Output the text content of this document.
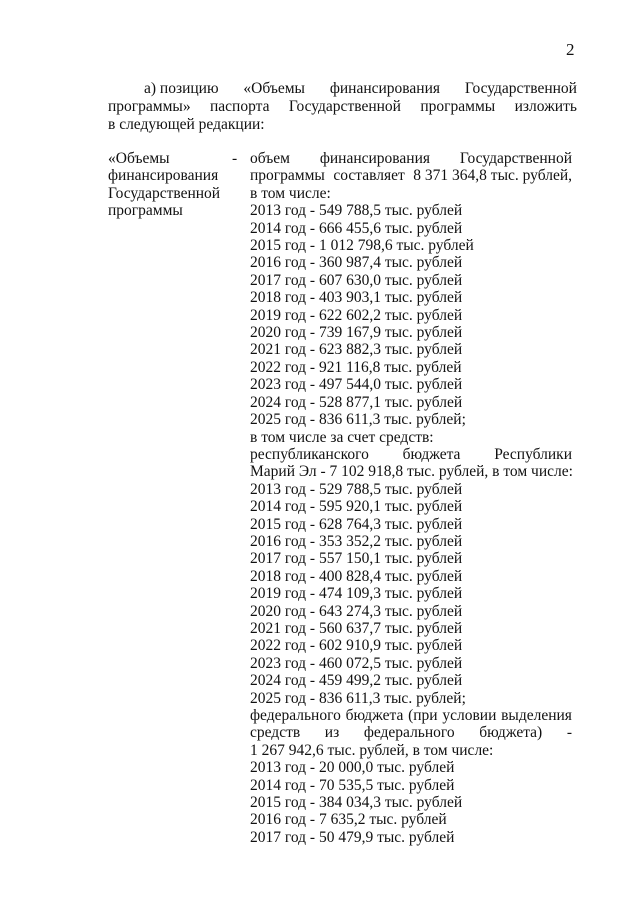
2
а) позицию «Объемы финансирования Государственной
программы» паспорта Государственной программы изложить
в следующей редакции:
«Объемы
финансирования
Государственной
программы
- объем финансирования Государственной
программы составляет 8 371 364,8 тыс. рублей,
в том числе:
2013 год - 549 788,5 тыс. рублей
2014 год - 666 455,6 тыс. рублей
2015 год - 1 012 798,6 тыс. рублей
2016 год - 360 987,4 тыс. рублей
2017 год - 607 630,0 тыс. рублей
2018 год - 403 903,1 тыс. рублей
2019 год - 622 602,2 тыс. рублей
2020 год - 739 167,9 тыс. рублей
2021 год - 623 882,3 тыс. рублей
2022 год - 921 116,8 тыс. рублей
2023 год - 497 544,0 тыс. рублей
2024 год - 528 877,1 тыс. рублей
2025 год - 836 611,3 тыс. рублей;
в том числе за счет средств:
республиканского бюджета Республики
Марий Эл - 7 102 918,8 тыс. рублей, в том числе:
2013 год - 529 788,5 тыс. рублей
2014 год - 595 920,1 тыс. рублей
2015 год - 628 764,3 тыс. рублей
2016 год - 353 352,2 тыс. рублей
2017 год - 557 150,1 тыс. рублей
2018 год - 400 828,4 тыс. рублей
2019 год - 474 109,3 тыс. рублей
2020 год - 643 274,3 тыс. рублей
2021 год - 560 637,7 тыс. рублей
2022 год - 602 910,9 тыс. рублей
2023 год - 460 072,5 тыс. рублей
2024 год - 459 499,2 тыс. рублей
2025 год - 836 611,3 тыс. рублей;
федерального бюджета (при условии выделения
средств из федерального бюджета) -
1 267 942,6 тыс. рублей, в том числе:
2013 год - 20 000,0 тыс. рублей
2014 год - 70 535,5 тыс. рублей
2015 год - 384 034,3 тыс. рублей
2016 год - 7 635,2 тыс. рублей
2017 год - 50 479,9 тыс. рублей
